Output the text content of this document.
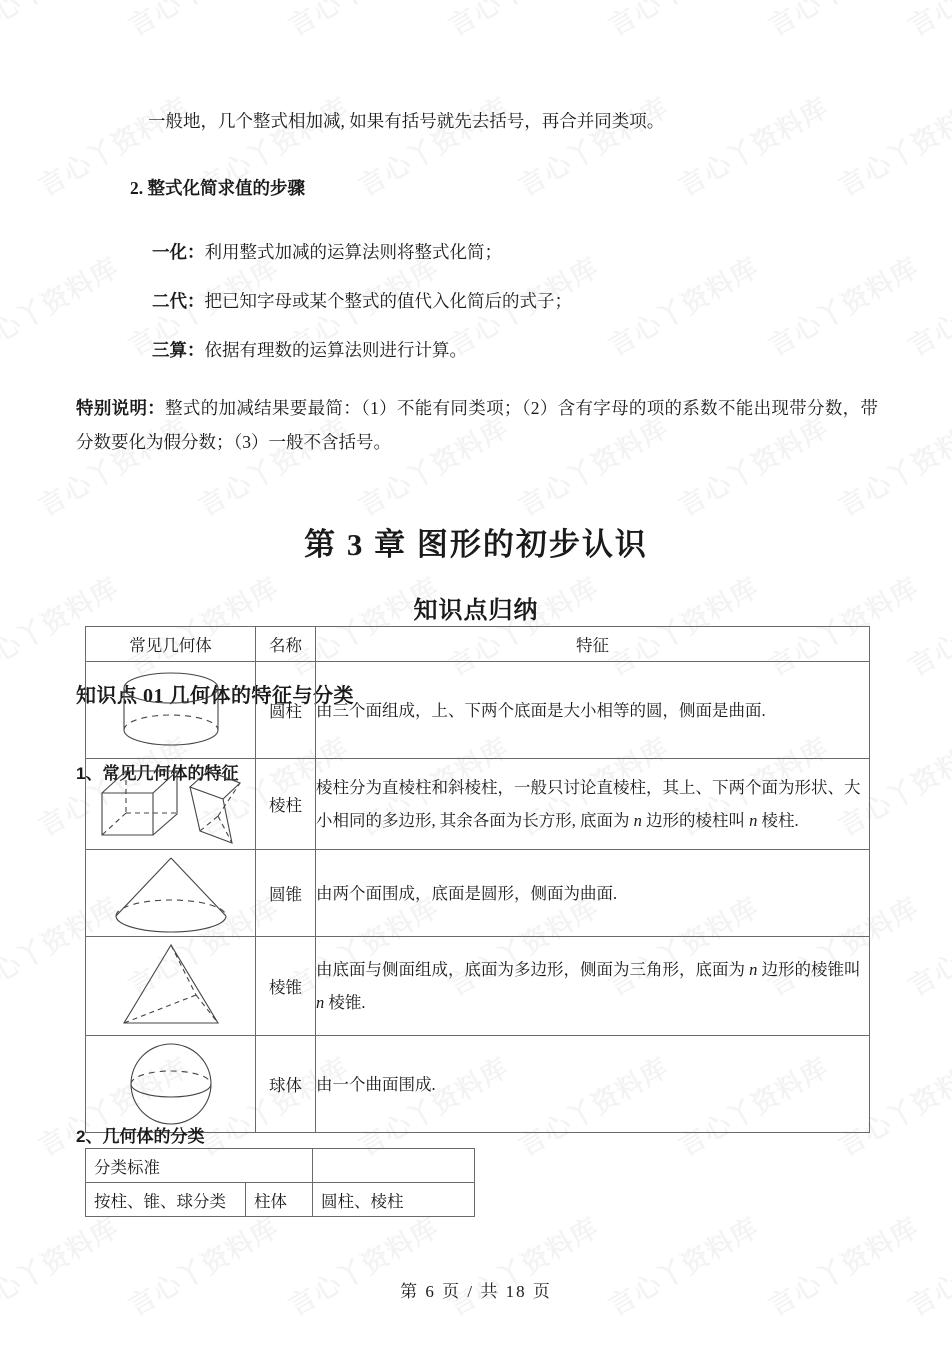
一般地，几个整式相加减, 如果有括号就先去括号，再合并同类项。

2. 整式化简求值的步骤

一化：利用整式加减的运算法则将整式化简；

二代：把已知字母或某个整式的值代入化简后的式子；

三算：依据有理数的运算法则进行计算。

特别说明：整式的加减结果要最简：（1）不能有同类项；（2）含有字母的项的系数不能出现带分数，带分数要化为假分数；（3）一般不含括号。

第 3 章 图形的初步认识

知识点归纳

知识点 01 几何体的特征与分类

1、常见几何体的特征

常见几何体	名称	特征
	圆柱	由三个面组成，上、下两个底面是大小相等的圆，侧面是曲面.
	棱柱	棱柱分为直棱柱和斜棱柱，一般只讨论直棱柱，其上、下两个面为形状、大小相同的多边形, 其余各面为长方形, 底面为 n 边形的棱柱叫 n 棱柱.
	圆锥	由两个面围成，底面是圆形，侧面为曲面.
	棱锥	由底面与侧面组成，底面为多边形，侧面为三角形，底面为 n 边形的棱锥叫 n 棱锥.
	球体	由一个曲面围成.

2、几何体的分类

分类标准		
按柱、锥、球分类	柱体	圆柱、棱柱
第 6 页 / 共 18 页
